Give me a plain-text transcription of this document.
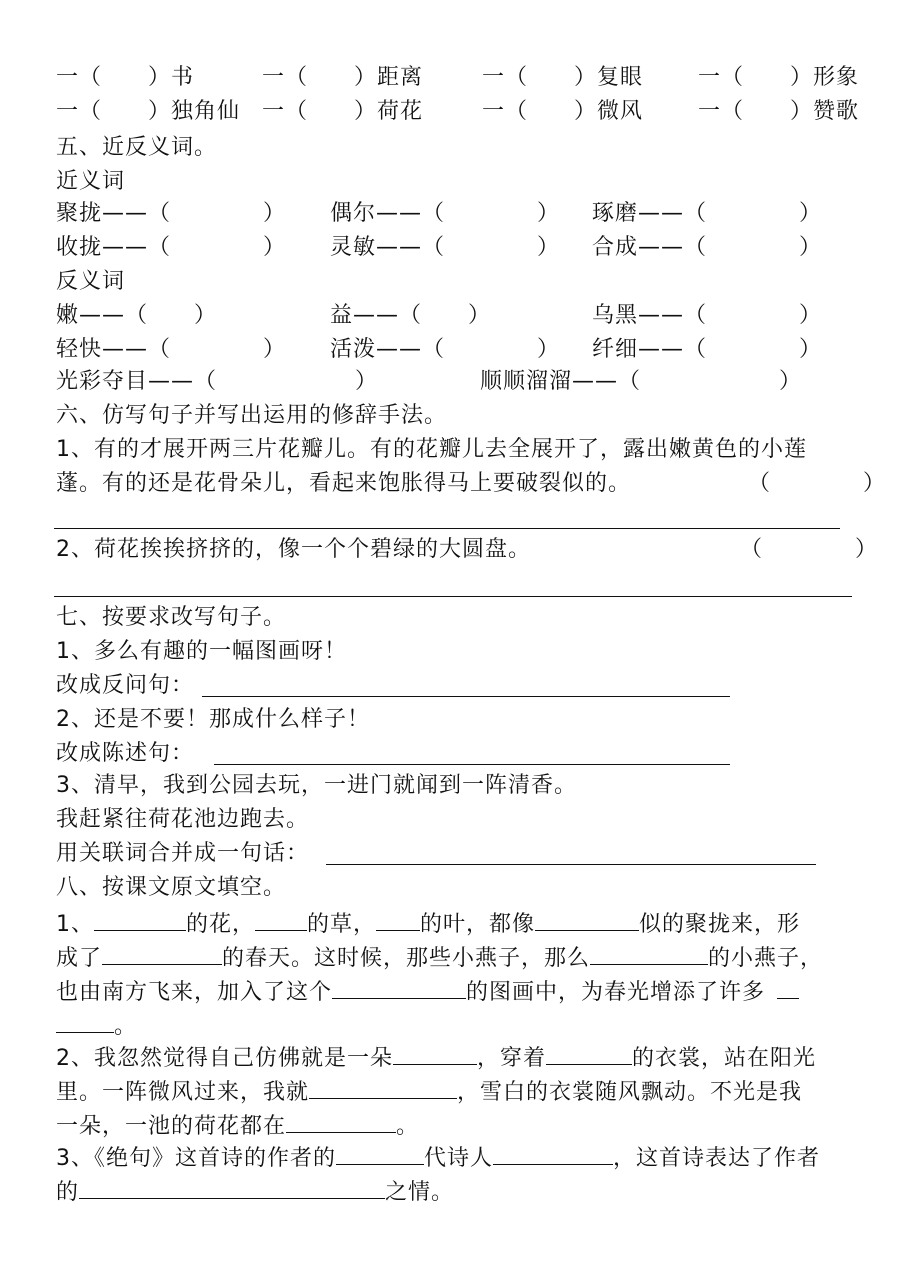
一（　　）书	一（　　）距离	一（　　）复眼 一（　　）形象
一（　　）独角仙 一（　　）荷花	一（　　）微风 一（　　）赞歌
五、近反义词。
近义词
聚拢——（　　　　） 偶尔——（　　　　） 琢磨——（　　　　）
收拢——（　　　　） 灵敏——（　　　　） 合成——（　　　　）
反义词
嫩——（　　）	益——（　　）	乌黑——（　　　　）
轻快——（　　　　） 活泼——（　　　　） 纤细——（　　　　）
光彩夺目——（　　　　　　）	顺顺溜溜——（　　　　　　）
六、仿写句子并写出运用的修辞手法。
1、有的才展开两三片花瓣儿。有的花瓣儿去全展开了，露出嫩黄色的小莲
蓬。有的还是花骨朵儿，看起来饱胀得马上要破裂似的。	（　　　　）
2、荷花挨挨挤挤的，像一个个碧绿的大圆盘。	（　　　　）
七、按要求改写句子。
1、多么有趣的一幅图画呀！
改成反问句：
2、还是不要！那成什么样子！
改成陈述句：
3、清早，我到公园去玩，一进门就闻到一阵清香。
我赶紧往荷花池边跑去。
用关联词合并成一句话：
八、按课文原文填空。
1、	的花， 的草， 的叶，都像	似的聚拢来，形
成了	的春天。这时候，那些小燕子，那么	的小燕子，
也由南方飞来，加入了这个	的图画中，为春光增添了许多
。
2、我忽然觉得自己仿佛就是一朵	，穿着	的衣裳，站在阳光
里。一阵微风过来，我就	，雪白的衣裳随风飘动。不光是我
一朵，一池的荷花都在	。
3、《绝句》这首诗的作者的	代诗人	，这首诗表达了作者
的	之情。
